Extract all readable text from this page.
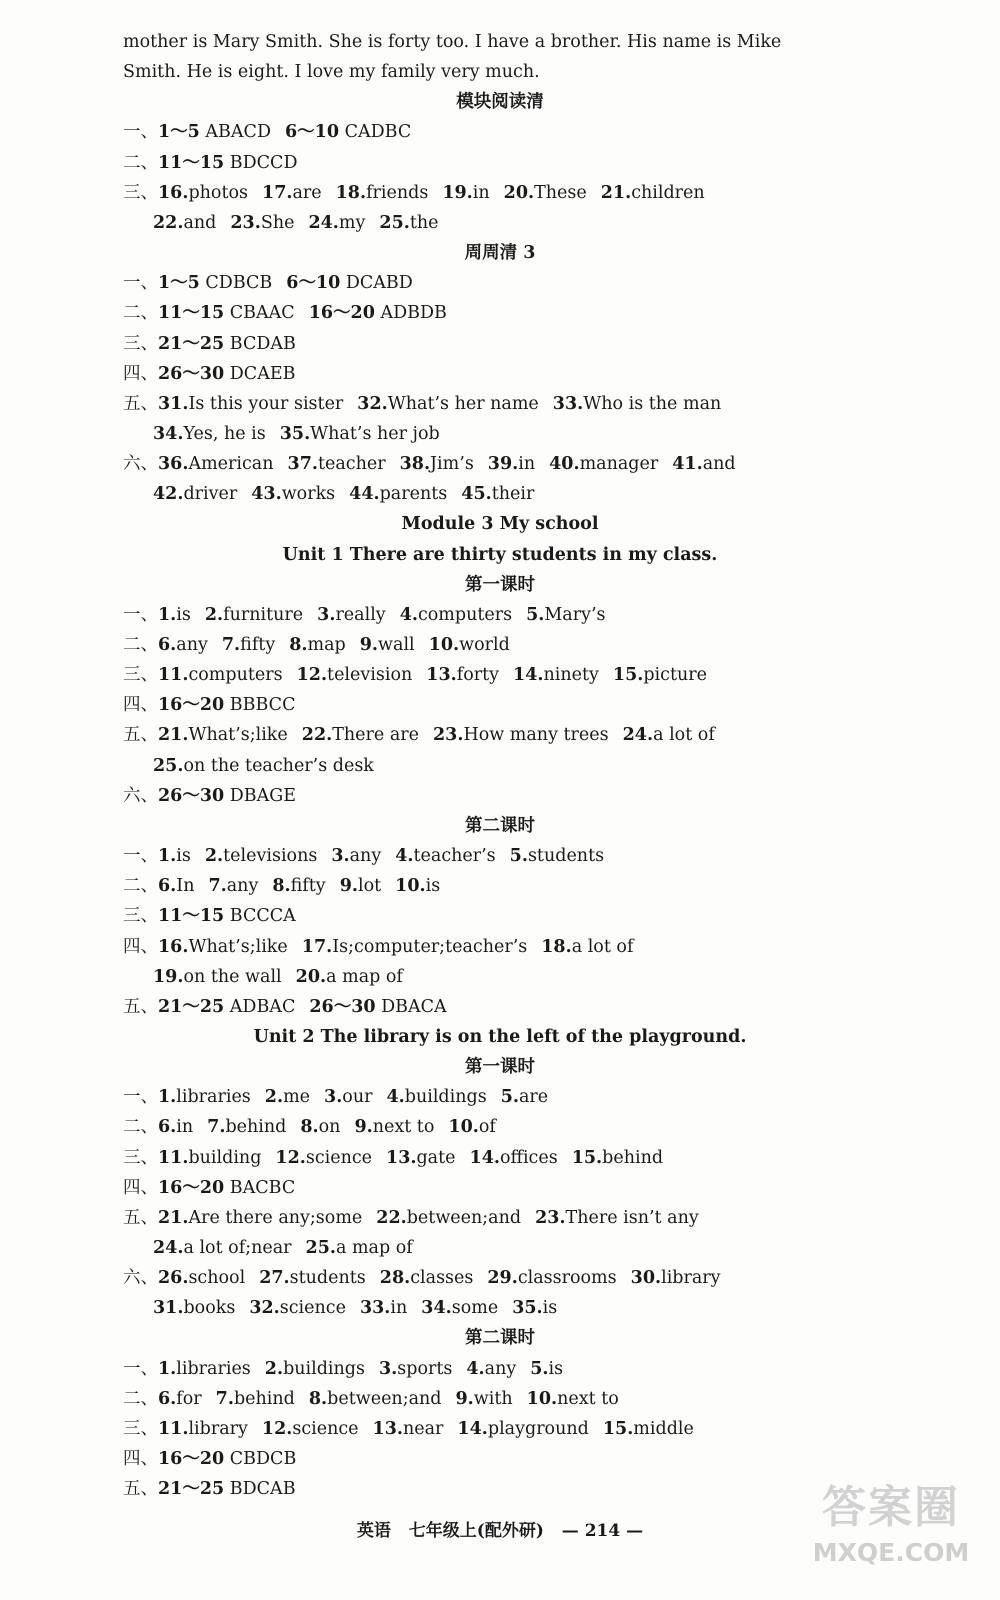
mother is Mary Smith. She is forty too. I have a brother. His name is Mike
Smith. He is eight. I love my family very much.
模块阅读清
一、1～5 ABACD 6～10 CADBC
二、11～15 BDCCD
三、16.photos 17.are 18.friends 19.in 20.These 21.children
22.and 23.She 24.my 25.the
周周清 3
一、1～5 CDBCB 6～10 DCABD
二、11～15 CBAAC 16～20 ADBDB
三、21～25 BCDAB
四、26～30 DCAEB
五、31.Is this your sister 32.What’s her name 33.Who is the man
34.Yes, he is 35.What’s her job
六、36.American 37.teacher 38.Jim’s 39.in 40.manager 41.and
42.driver 43.works 44.parents 45.their
Module 3 My school
Unit 1 There are thirty students in my class.
第一课时
一、1.is 2.furniture 3.really 4.computers 5.Mary’s
二、6.any 7.fifty 8.map 9.wall 10.world
三、11.computers 12.television 13.forty 14.ninety 15.picture
四、16～20 BBBCC
五、21.What’s;like 22.There are 23.How many trees 24.a lot of
25.on the teacher’s desk
六、26～30 DBAGE
第二课时
一、1.is 2.televisions 3.any 4.teacher’s 5.students
二、6.In 7.any 8.fifty 9.lot 10.is
三、11～15 BCCCA
四、16.What’s;like 17.Is;computer;teacher’s 18.a lot of
19.on the wall 20.a map of
五、21～25 ADBAC 26～30 DBACA
Unit 2 The library is on the left of the playground.
第一课时
一、1.libraries 2.me 3.our 4.buildings 5.are
二、6.in 7.behind 8.on 9.next to 10.of
三、11.building 12.science 13.gate 14.offices 15.behind
四、16～20 BACBC
五、21.Are there any;some 22.between;and 23.There isn’t any
24.a lot of;near 25.a map of
六、26.school 27.students 28.classes 29.classrooms 30.library
31.books 32.science 33.in 34.some 35.is
第二课时
一、1.libraries 2.buildings 3.sports 4.any 5.is
二、6.for 7.behind 8.between;and 9.with 10.next to
三、11.library 12.science 13.near 14.playground 15.middle
四、16～20 CBDCB
五、21～25 BDCAB
英语 七年级上(配外研) — 214 —	答案圈
MXQE.COM
